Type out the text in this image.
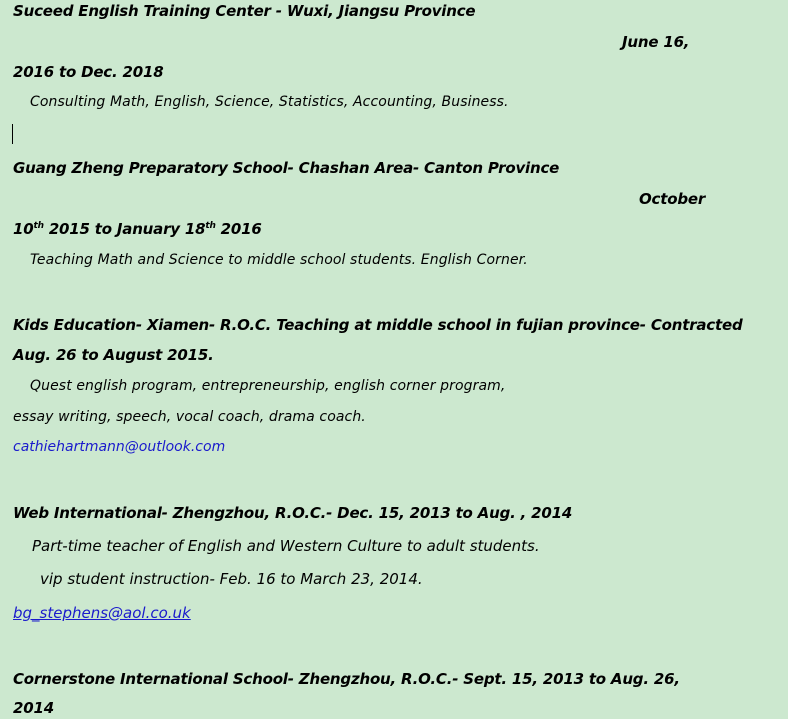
Suceed English Training Center - Wuxi, Jiangsu Province
June 16,
2016 to Dec. 2018
Consulting Math, English, Science, Statistics, Accounting, Business.
Guang Zheng Preparatory School- Chashan Area- Canton Province
October
10th 2015 to January 18th 2016
Teaching Math and Science to middle school students. English Corner.
Kids Education- Xiamen- R.O.C. Teaching at middle school in fujian province- Contracted
Aug. 26 to August 2015.
Quest english program, entrepreneurship, english corner program,
essay writing, speech, vocal coach, drama coach.
cathiehartmann@outlook.com
Web International- Zhengzhou, R.O.C.- Dec. 15, 2013 to Aug. , 2014
Part-time teacher of English and Western Culture to adult students.
vip student instruction- Feb. 16 to March 23, 2014.
bg_stephens@aol.co.uk
Cornerstone International School- Zhengzhou, R.O.C.- Sept. 15, 2013 to Aug. 26,
2014
